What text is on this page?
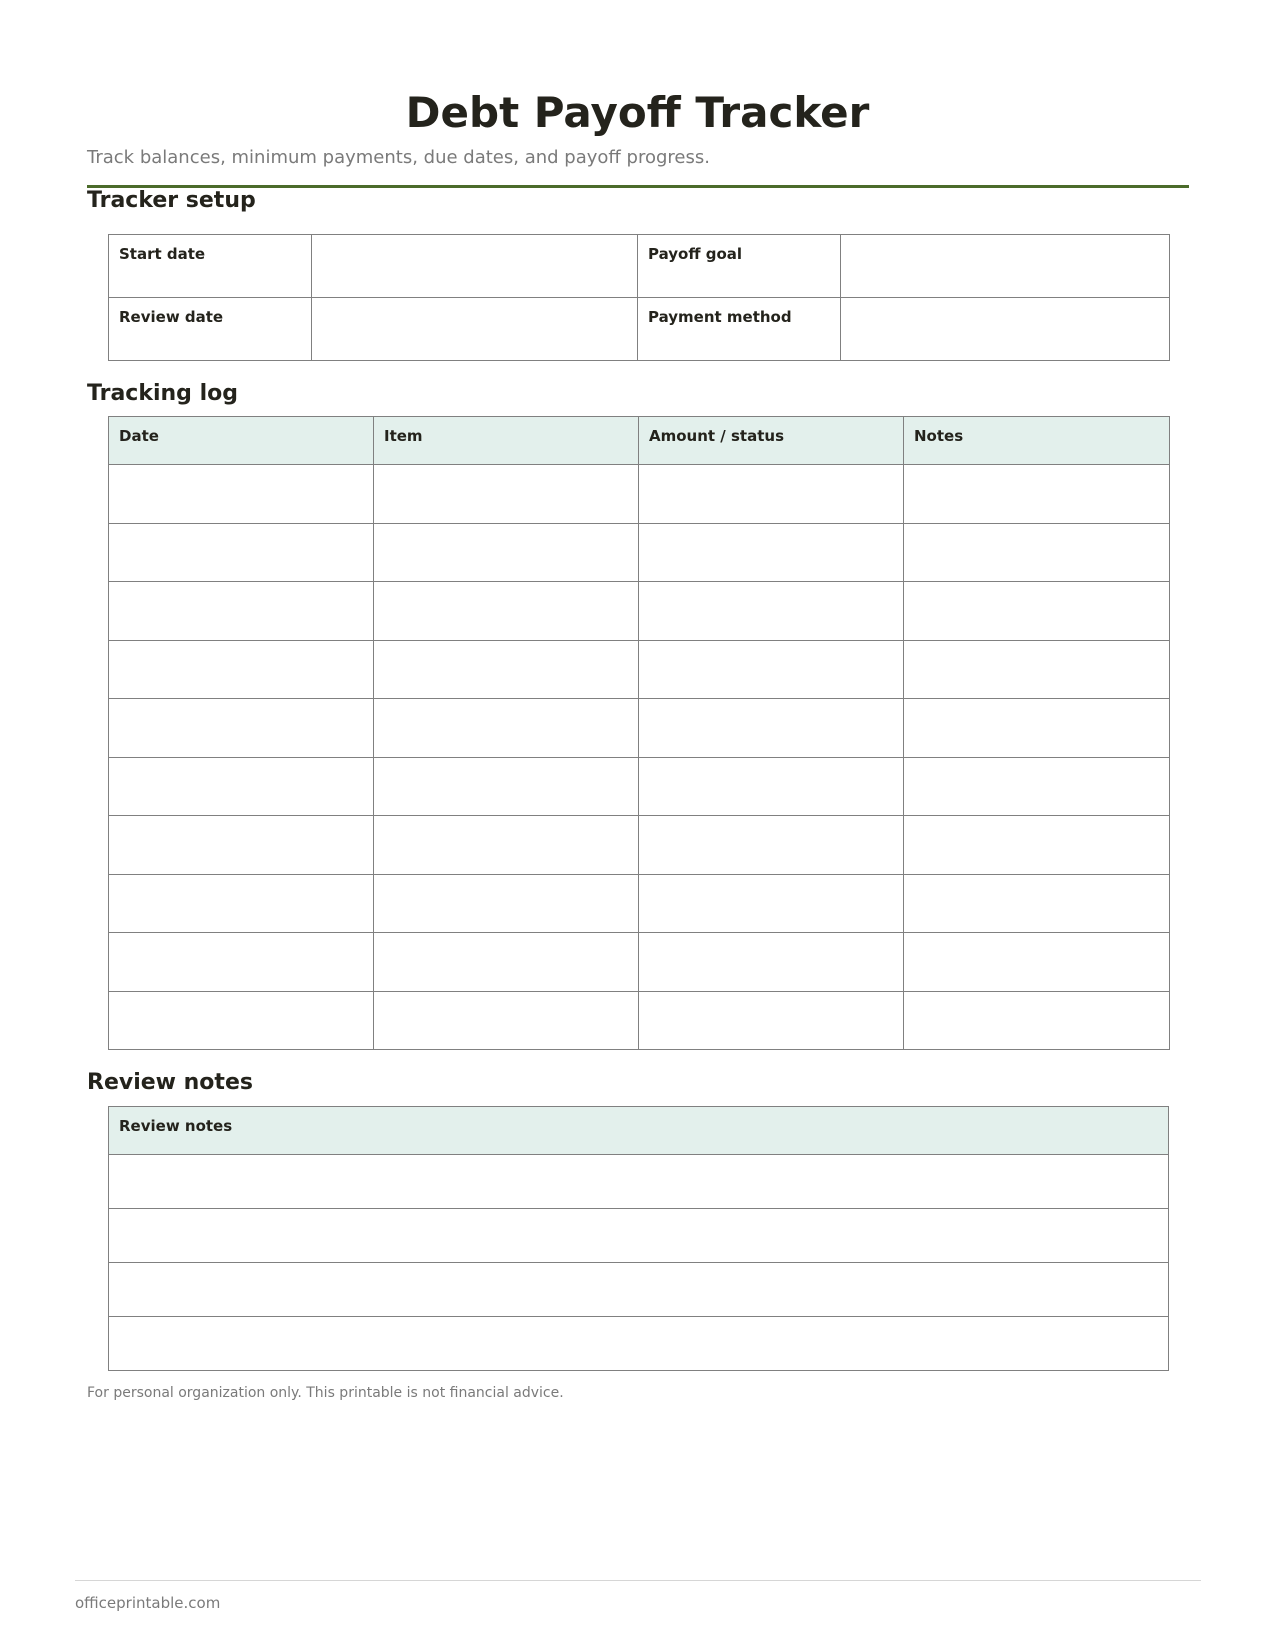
Debt Payoff Tracker

Track balances, minimum payments, due dates, and payoff progress.

Tracker setup
Start date		Payoff goal	
Review date		Payment method	
Tracking log
Date	Item	Amount / status	Notes

Review notes
Review notes

For personal organization only. This printable is not financial advice.

officeprintable.com
